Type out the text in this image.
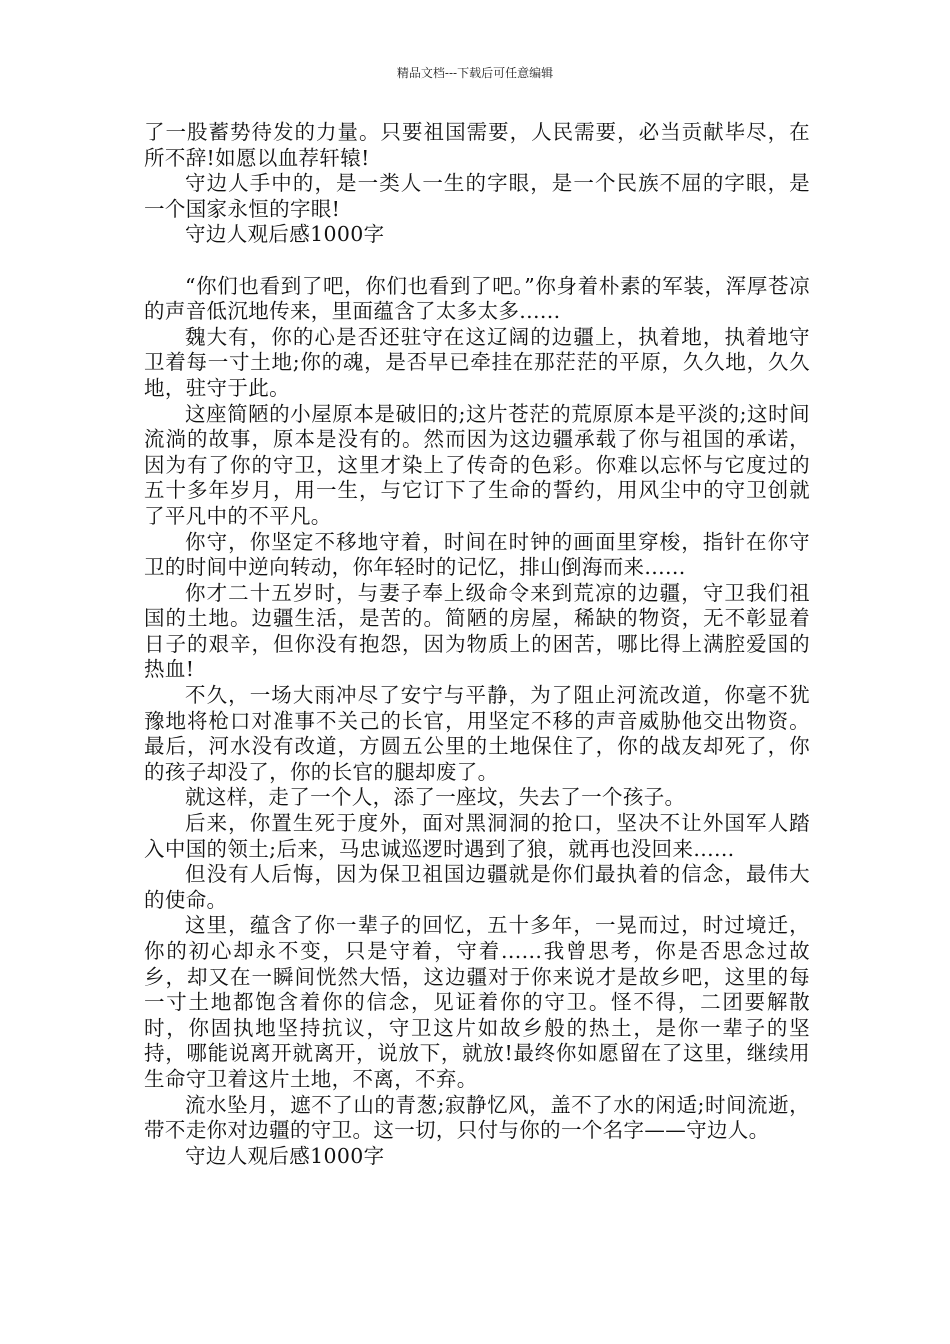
精品文档---下载后可任意编辑

了一股蓄势待发的力量。只要祖国需要，人民需要，必当贡献毕尽，在所不辞!如愿以血荐轩辕!

守边人手中的，是一类人一生的字眼，是一个民族不屈的字眼，是一个国家永恒的字眼!

守边人观后感1000字

“你们也看到了吧，你们也看到了吧。”你身着朴素的军装，浑厚苍凉的声音低沉地传来，里面蕴含了太多太多......

魏大有，你的心是否还驻守在这辽阔的边疆上，执着地，执着地守卫着每一寸土地;你的魂，是否早已牵挂在那茫茫的平原，久久地，久久地，驻守于此。

这座简陋的小屋原本是破旧的;这片苍茫的荒原原本是平淡的;这时间流淌的故事，原本是没有的。然而因为这边疆承载了你与祖国的承诺，因为有了你的守卫，这里才染上了传奇的色彩。你难以忘怀与它度过的五十多年岁月，用一生，与它订下了生命的誓约，用风尘中的守卫创就了平凡中的不平凡。

你守，你坚定不移地守着，时间在时钟的画面里穿梭，指针在你守卫的时间中逆向转动，你年轻时的记忆，排山倒海而来......

你才二十五岁时，与妻子奉上级命令来到荒凉的边疆，守卫我们祖国的土地。边疆生活，是苦的。简陋的房屋，稀缺的物资，无不彰显着日子的艰辛，但你没有抱怨，因为物质上的困苦，哪比得上满腔爱国的热血!

不久，一场大雨冲尽了安宁与平静，为了阻止河流改道，你毫不犹豫地将枪口对准事不关己的长官，用坚定不移的声音威胁他交出物资。最后，河水没有改道，方圆五公里的土地保住了，你的战友却死了，你的孩子却没了，你的长官的腿却废了。

就这样，走了一个人，添了一座坟，失去了一个孩子。

后来，你置生死于度外，面对黑洞洞的抢口，坚决不让外国军人踏入中国的领土;后来，马忠诚巡逻时遇到了狼，就再也没回来......

但没有人后悔，因为保卫祖国边疆就是你们最执着的信念，最伟大的使命。

这里，蕴含了你一辈子的回忆，五十多年，一晃而过，时过境迁，你的初心却永不变，只是守着，守着......我曾思考，你是否思念过故乡，却又在一瞬间恍然大悟，这边疆对于你来说才是故乡吧，这里的每一寸土地都饱含着你的信念，见证着你的守卫。怪不得，二团要解散时，你固执地坚持抗议，守卫这片如故乡般的热土，是你一辈子的坚持，哪能说离开就离开，说放下，就放!最终你如愿留在了这里，继续用生命守卫着这片土地，不离，不弃。

流水坠月，遮不了山的青葱;寂静忆风，盖不了水的闲适;时间流逝，带不走你对边疆的守卫。这一切，只付与你的一个名字——守边人。

守边人观后感1000字
